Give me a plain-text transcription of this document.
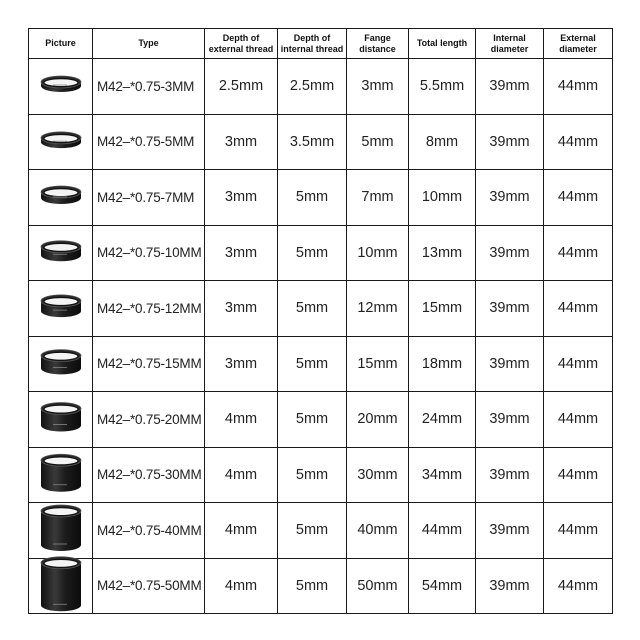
Picture	Type	Depth of external thread	Depth of internal thread	Fange distance	Total length	Internal diameter	External diameter

	M42–*0.75-3MM	2.5mm	2.5mm	3mm	5.5mm	39mm	44mm

	M42–*0.75-5MM	3mm	3.5mm	5mm	8mm	39mm	44mm

	M42–*0.75-7MM	3mm	5mm	7mm	10mm	39mm	44mm

	M42–*0.75-10MM	3mm	5mm	10mm	13mm	39mm	44mm

	M42–*0.75-12MM	3mm	5mm	12mm	15mm	39mm	44mm

	M42–*0.75-15MM	3mm	5mm	15mm	18mm	39mm	44mm

	M42–*0.75-20MM	4mm	5mm	20mm	24mm	39mm	44mm

	M42–*0.75-30MM	4mm	5mm	30mm	34mm	39mm	44mm

	M42–*0.75-40MM	4mm	5mm	40mm	44mm	39mm	44mm

	M42–*0.75-50MM	4mm	5mm	50mm	54mm	39mm	44mm
